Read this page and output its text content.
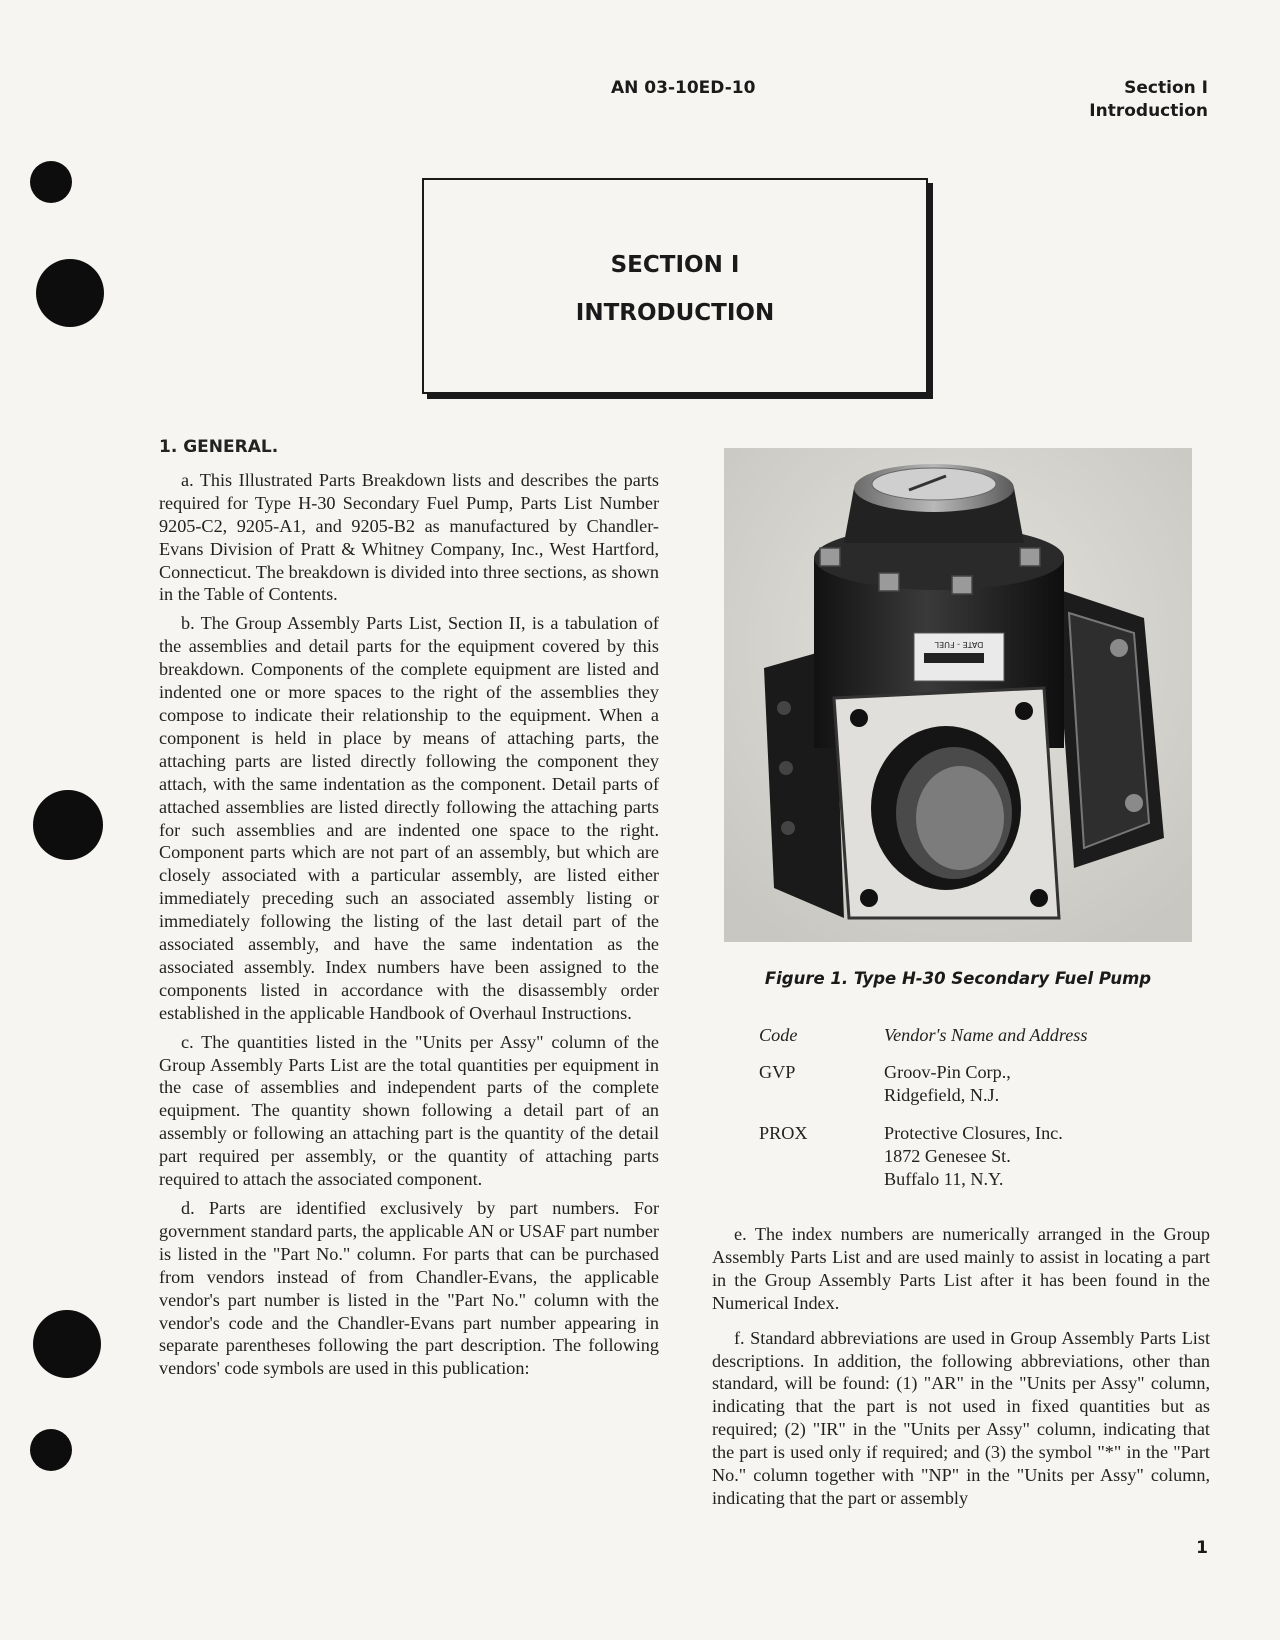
AN 03-10ED-10	Section I
Introduction
SECTION I
INTRODUCTION
1. GENERAL.

a. This Illustrated Parts Breakdown lists and describes the parts required for Type H-30 Secondary Fuel Pump, Parts List Number 9205-C2, 9205-A1, and 9205-B2 as manufactured by Chandler-Evans Division of Pratt & Whitney Company, Inc., West Hartford, Connecticut. The breakdown is divided into three sections, as shown in the Table of Contents.

b. The Group Assembly Parts List, Section II, is a tabulation of the assemblies and detail parts for the equipment covered by this breakdown. Components of the complete equipment are listed and indented one or more spaces to the right of the assemblies they compose to indicate their relationship to the equipment. When a component is held in place by means of attaching parts, the attaching parts are listed directly following the component they attach, with the same indentation as the component. Detail parts of attached assemblies are listed directly following the attaching parts for such assemblies and are indented one space to the right. Component parts which are not part of an assembly, but which are closely associated with a particular assembly, are listed either immediately preceding such an associated assembly listing or immediately following the listing of the last detail part of the associated assembly, and have the same indentation as the associated assembly. Index numbers have been assigned to the components listed in accordance with the disassembly order established in the applicable Handbook of Overhaul Instructions.

c. The quantities listed in the "Units per Assy" column of the Group Assembly Parts List are the total quantities per equipment in the case of assemblies and independent parts of the complete equipment. The quantity shown following a detail part of an assembly or following an attaching part is the quantity of the detail part required per assembly, or the quantity of attaching parts required to attach the associated component.

d. Parts are identified exclusively by part numbers. For government standard parts, the applicable AN or USAF part number is listed in the "Part No." column. For parts that can be purchased from vendors instead of from Chandler-Evans, the applicable vendor's part number is listed in the "Part No." column with the vendor's code and the Chandler-Evans part number appearing in separate parentheses following the part description. The following vendors' code symbols are used in this publication:

DATE - FUEL
Figure 1. Type H-30 Secondary Fuel Pump
Code	Vendor's Name and Address
GVP	Groov-Pin Corp.,
Ridgefield, N.J.
PROX	Protective Closures, Inc.
1872 Genesee St.
Buffalo 11, N.Y.

e. The index numbers are numerically arranged in the Group Assembly Parts List and are used mainly to assist in locating a part in the Group Assembly Parts List after it has been found in the Numerical Index.

f. Standard abbreviations are used in Group Assembly Parts List descriptions. In addition, the following abbreviations, other than standard, will be found: (1) "AR" in the "Units per Assy" column, indicating that the part is not used in fixed quantities but as required; (2) "IR" in the "Units per Assy" column, indicating that the part is used only if required; and (3) the symbol "*" in the "Part No." column together with "NP" in the "Units per Assy" column, indicating that the part or assembly

1
